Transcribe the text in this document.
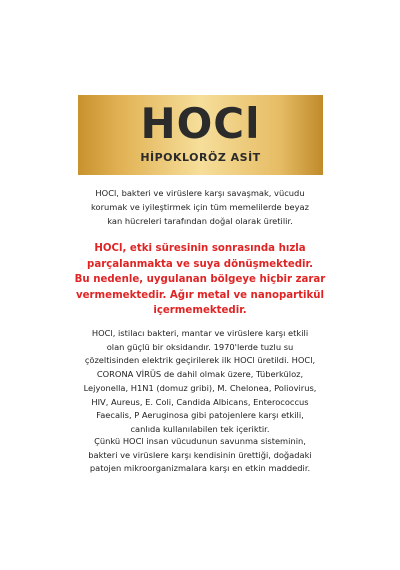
HOCl
HİPOKLORÖZ ASİT
HOCl, bakteri ve virüslere karşı savaşmak, vücudu
korumak ve iyileştirmek için tüm memelilerde beyaz
kan hücreleri tarafından doğal olarak üretilir.
HOCl, etki süresinin sonrasında hızla
parçalanmakta ve suya dönüşmektedir.
Bu nedenle, uygulanan bölgeye hiçbir zarar
vermemektedir. Ağır metal ve nanopartikül
içermemektedir.
HOCl, istilacı bakteri, mantar ve virüslere karşı etkili
olan güçlü bir oksidandır. 1970'lerde tuzlu su
çözeltisinden elektrik geçirilerek ilk HOCl üretildi. HOCl,
CORONA VİRÜS de dahil olmak üzere, Tüberküloz,
Lejyonella, H1N1 (domuz gribi), M. Chelonea, Poliovirus,
HIV, Aureus, E. Coli, Candida Albicans, Enterococcus
Faecalis, P Aeruginosa gibi patojenlere karşı etkili,
canlıda kullanılabilen tek içeriktir.
Çünkü HOCl insan vücudunun savunma sisteminin,
bakteri ve virüslere karşı kendisinin ürettiği, doğadaki
patojen mikroorganizmalara karşı en etkin maddedir.
